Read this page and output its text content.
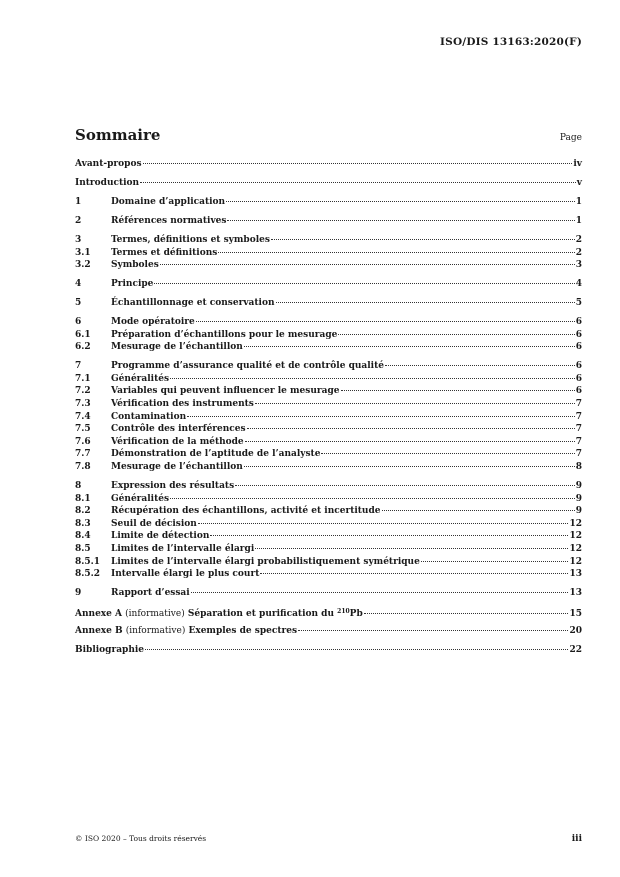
ISO/DIS 13163:2020(F)
Sommaire	Page
Avant-propos	iv
Introduction	v
1	Domaine d’application	1
2	Références normatives	1
3	Termes, définitions et symboles	2
3.1	Termes et définitions	2
3.2	Symboles	3
4	Principe	4
5	Échantillonnage et conservation	5
6	Mode opératoire	6
6.1	Préparation d’échantillons pour le mesurage	6
6.2	Mesurage de l’échantillon	6
7	Programme d’assurance qualité et de contrôle qualité	6
7.1	Généralités	6
7.2	Variables qui peuvent influencer le mesurage	6
7.3	Vérification des instruments	7
7.4	Contamination	7
7.5	Contrôle des interférences	7
7.6	Vérification de la méthode	7
7.7	Démonstration de l’aptitude de l’analyste	7
7.8	Mesurage de l’échantillon	8
8	Expression des résultats	9
8.1	Généralités	9
8.2	Récupération des échantillons, activité et incertitude	9
8.3	Seuil de décision	12
8.4	Limite de détection	12
8.5	Limites de l’intervalle élargi	12
8.5.1	Limites de l’intervalle élargi probabilistiquement symétrique	12
8.5.2	Intervalle élargi le plus court	13
9	Rapport d’essai	13
Annexe A (informative) Séparation et purification du $^{210}$Pb	15
Annexe B (informative) Exemples de spectres	20
Bibliographie	22
© ISO 2020 – Tous droits réservés	iii
